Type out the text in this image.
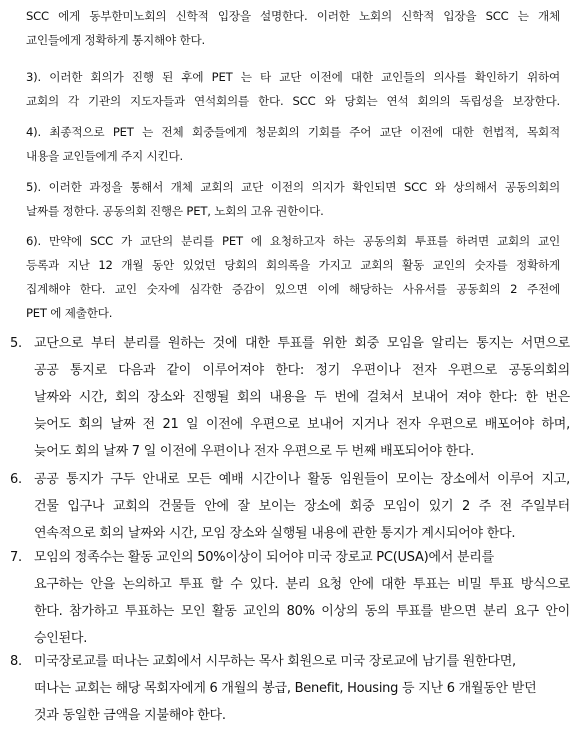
SCC 에게 동부한미노회의 신학적 입장을 설명한다. 이러한 노회의 신학적 입장을 SCC 는 개체
교인들에게 정확하게 통지해야 한다.
3). 이러한 회의가 진행 된 후에 PET 는 타 교단 이전에 대한 교인들의 의사를 확인하기 위하여
교회의 각 기관의 지도자들과 연석회의를 한다. SCC 와 당회는 연석 회의의 독립성을 보장한다.
4). 최종적으로 PET 는 전체 회중들에게 청문회의 기회를 주어 교단 이전에 대한 헌법적, 목회적
내용을 교인들에게 주지 시킨다.
5). 이러한 과정을 통해서 개체 교회의 교단 이전의 의지가 확인되면 SCC 와 상의해서 공동의회의
날짜를 정한다. 공동의회 진행은 PET, 노회의 고유 권한이다.
6). 만약에 SCC 가 교단의 분리를 PET 에 요청하고자 하는 공동의회 투표를 하려면 교회의 교인
등록과 지난 12 개월 동안 있었던 당회의 회의록을 가지고 교회의 활동 교인의 숫자를 정확하게
집계해야 한다. 교인 숫자에 심각한 증감이 있으면 이에 해당하는 사유서를 공동회의 2 주전에
PET 에 제출한다.
5. 교단으로 부터 분리를 원하는 것에 대한 투표를 위한 회중 모임을 알리는 통지는 서면으로
공공 통지로 다음과 같이 이루어져야 한다: 정기 우편이나 전자 우편으로 공동의회의
날짜와 시간, 회의 장소와 진행될 회의 내용을 두 번에 걸쳐서 보내어 져야 한다: 한 번은
늦어도 회의 날짜 전 21 일 이전에 우편으로 보내어 지거나 전자 우편으로 배포어야 하며,
늦어도 회의 날짜 7 일 이전에 우편이나 전자 우편으로 두 번째 배포되어야 한다.
6. 공공 통지가 구두 안내로 모든 예배 시간이나 활동 임원들이 모이는 장소에서 이루어 지고,
건물 입구나 교회의 건물들 안에 잘 보이는 장소에 회중 모임이 있기 2 주 전 주일부터
연속적으로 회의 날짜와 시간, 모임 장소와 실행될 내용에 관한 통지가 계시되어야 한다.
7. 모임의 정족수는 활동 교인의 50%이상이 되어야 미국 장로교 PC(USA)에서 분리를
요구하는 안을 논의하고 투표 할 수 있다. 분리 요청 안에 대한 투표는 비밀 투표 방식으로
한다. 참가하고 투표하는 모인 활동 교인의 80% 이상의 동의 투표를 받으면 분리 요구 안이
승인된다.
8. 미국장로교를 떠나는 교회에서 시무하는 목사 회원으로 미국 장로교에 남기를 원한다면,
떠나는 교회는 해당 목회자에게 6 개월의 봉급, Benefit, Housing 등 지난 6 개월동안 받던
것과 동일한 금액을 지불해야 한다.
